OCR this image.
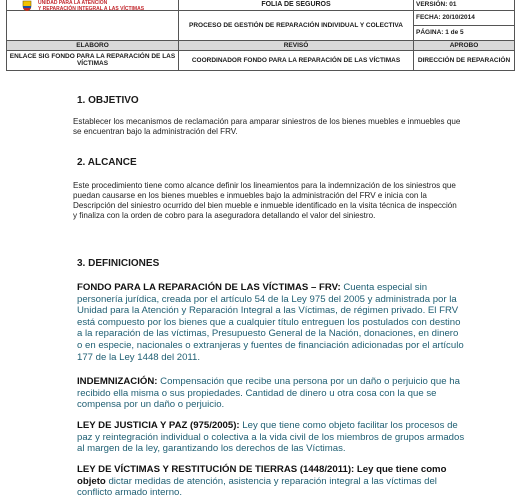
	FOLIA DE SEGUROS	VERSIÓN: 01
	PROCESO DE GESTIÓN DE REPARACIÓN INDIVIDUAL Y COLECTIVA	FECHA: 20/10/2014
		PÁGINA: 1 de 5
ELABORO	REVISÓ	APROBO
ENLACE SIG FONDO PARA LA REPARACIÓN DE LAS VÍCTIMAS	COORDINADOR FONDO PARA LA REPARACIÓN DE LAS VÍCTIMAS	DIRECCIÓN DE REPARACIÓN
UNIDAD PARA LA ATENCIÓN
Y REPARACIÓN INTEGRAL A LAS VÍCTIMAS
1. OBJETIVO
Establecer los mecanismos de reclamación para amparar siniestros de los bienes muebles e inmuebles que se encuentran bajo la administración del FRV.
2. ALCANCE
Este procedimiento tiene como alcance definir los lineamientos para la indemnización de los siniestros que puedan causarse en los bienes muebles e inmuebles bajo la administración del FRV e inicia con la Descripción del siniestro ocurrido del bien mueble e inmueble identificado en la visita técnica de inspección y finaliza con la orden de cobro para la aseguradora detallando el valor del siniestro.
3. DEFINICIONES
FONDO PARA LA REPARACIÓN DE LAS VÍCTIMAS – FRV: Cuenta especial sin personería jurídica, creada por el artículo 54 de la Ley 975 del 2005 y administrada por la Unidad para la Atención y Reparación Integral a las Víctimas, de régimen privado. El FRV está compuesto por los bienes que a cualquier título entreguen los postulados con destino a la reparación de las víctimas, Presupuesto General de la Nación, donaciones, en dinero o en especie, nacionales o extranjeras y fuentes de financiación adicionadas por el artículo 177 de la Ley 1448 del 2011.
INDEMNIZACIÓN: Compensación que recibe una persona por un daño o perjuicio que ha recibido ella misma o sus propiedades. Cantidad de dinero u otra cosa con la que se compensa por un daño o perjuicio.
LEY DE JUSTICIA Y PAZ (975/2005): Ley que tiene como objeto facilitar los procesos de paz y reintegración individual o colectiva a la vida civil de los miembros de grupos armados al margen de la ley, garantizando los derechos de las Víctimas.
LEY DE VÍCTIMAS Y RESTITUCIÓN DE TIERRAS (1448/2011): Ley que tiene como objeto dictar medidas de atención, asistencia y reparación integral a las víctimas del conflicto armado interno.
